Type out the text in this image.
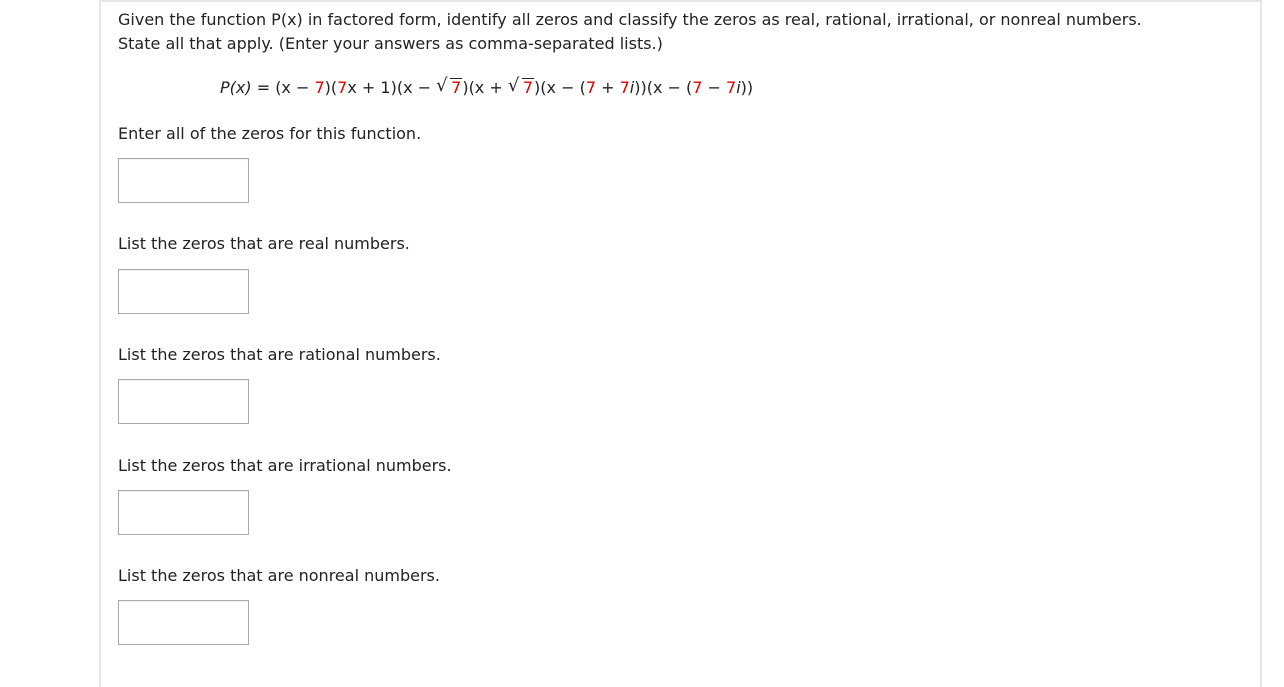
Given the function P(x) in factored form, identify all zeros and classify the zeros as real, rational, irrational, or nonreal numbers.
State all that apply. (Enter your answers as comma-separated lists.)
P(x) = (x − 7)(7x + 1)(x − √ 7)(x + √ 7)(x − (7 + 7i))(x − (7 − 7i))
Enter all of the zeros for this function.
List the zeros that are real numbers.
List the zeros that are rational numbers.
List the zeros that are irrational numbers.
List the zeros that are nonreal numbers.
